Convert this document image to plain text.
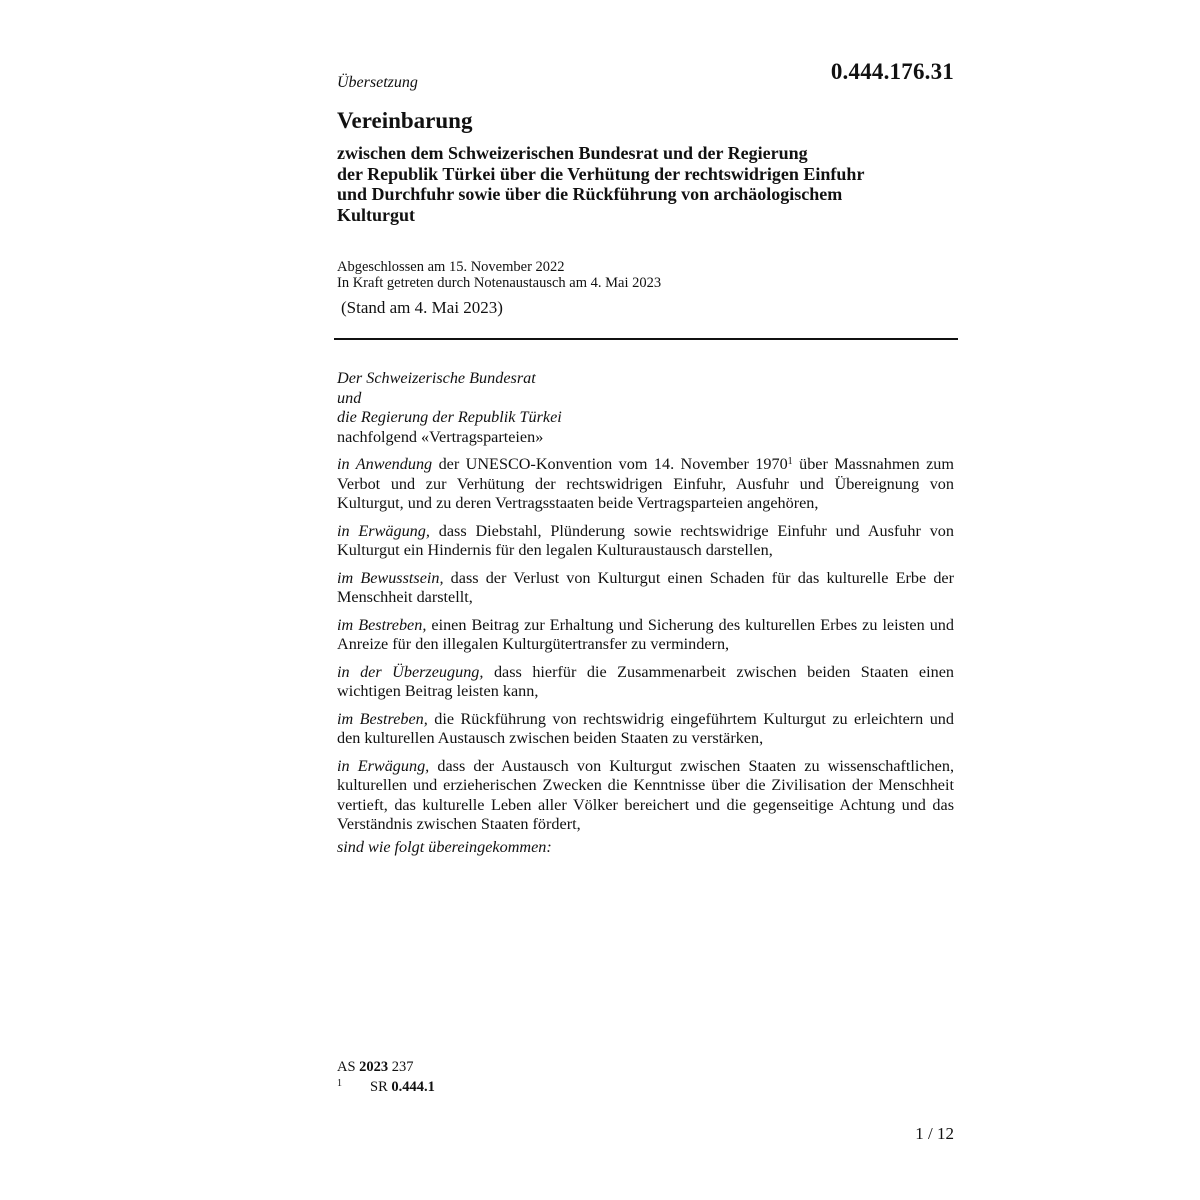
Übersetzung	0.444.176.31
Vereinbarung
zwischen dem Schweizerischen Bundesrat und der Regierung
der Republik Türkei über die Verhütung der rechtswidrigen Einfuhr
und Durchfuhr sowie über die Rückführung von archäologischem
Kulturgut
Abgeschlossen am 15. November 2022
In Kraft getreten durch Notenaustausch am 4. Mai 2023
(Stand am 4. Mai 2023)
Der Schweizerische Bundesrat
und
die Regierung der Republik Türkei
nachfolgend «Vertragsparteien»

in Anwendung der UNESCO-Konvention vom 14. November 1970$^1$ über Massnahmen zum Verbot und zur Verhütung der rechtswidrigen Einfuhr, Ausfuhr und Übereignung von Kulturgut, und zu deren Vertragsstaaten beide Vertragsparteien angehören,

in Erwägung, dass Diebstahl, Plünderung sowie rechtswidrige Einfuhr und Ausfuhr von Kulturgut ein Hindernis für den legalen Kulturaustausch darstellen,

im Bewusstsein, dass der Verlust von Kulturgut einen Schaden für das kulturelle Erbe der Menschheit darstellt,

im Bestreben, einen Beitrag zur Erhaltung und Sicherung des kulturellen Erbes zu leisten und Anreize für den illegalen Kulturgütertransfer zu vermindern,

in der Überzeugung, dass hierfür die Zusammenarbeit zwischen beiden Staaten einen wichtigen Beitrag leisten kann,

im Bestreben, die Rückführung von rechtswidrig eingeführtem Kulturgut zu erleichtern und den kulturellen Austausch zwischen beiden Staaten zu verstärken,

in Erwägung, dass der Austausch von Kulturgut zwischen Staaten zu wissenschaftlichen, kulturellen und erzieherischen Zwecken die Kenntnisse über die Zivilisation der Menschheit vertieft, das kulturelle Leben aller Völker bereichert und die gegenseitige Achtung und das Verständnis zwischen Staaten fördert,

sind wie folgt übereingekommen:

AS 2023 237
1 SR 0.444.1
1 / 12
